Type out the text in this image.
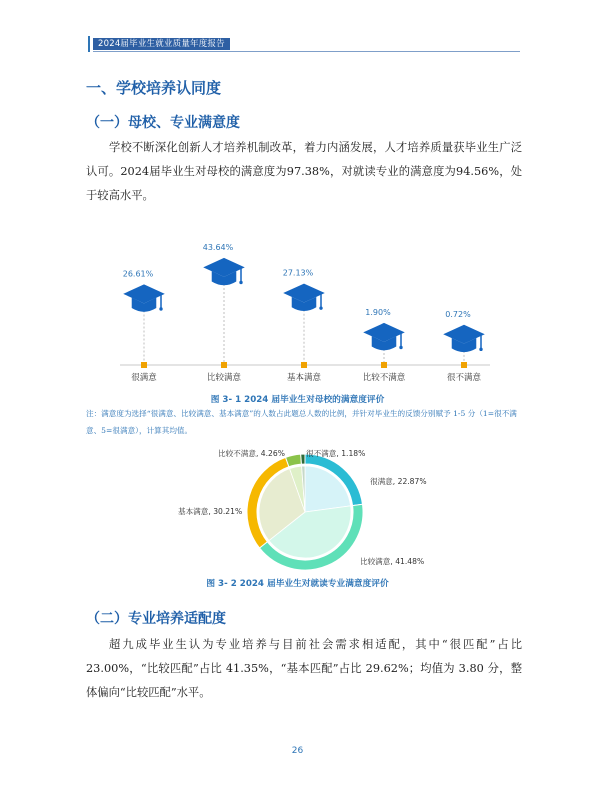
2024届毕业生就业质量年度报告
一、学校培养认同度
（一）母校、专业满意度
学校不断深化创新人才培养机制改革，着力内涵发展，人才培养质量获毕业生广泛认可。2024届毕业生对母校的满意度为97.38%，对就读专业的满意度为94.56%，处于较高水平。
26.61%
很满意
43.64%
比较满意
27.13%
基本满意
1.90%
比较不满意
0.72%
很不满意
图 3- 1 2024 届毕业生对母校的满意度评价
注：满意度为选择“很满意、比较满意、基本满意”的人数占此题总人数的比例，并针对毕业生的反馈分别赋予 1-5 分（1=很不满意、5=很满意），计算其均值。
很满意, 22.87%
比较满意, 41.48%
基本满意, 30.21%
比较不满意, 4.26%	很不满意, 1.18%
图 3- 2 2024 届毕业生对就读专业满意度评价
（二）专业培养适配度
超九成毕业生认为专业培养与目前社会需求相适配，其中“很匹配”占比 23.00%，“比较匹配”占比 41.35%，“基本匹配”占比 29.62%；均值为 3.80 分，整体偏向“比较匹配”水平。
26
